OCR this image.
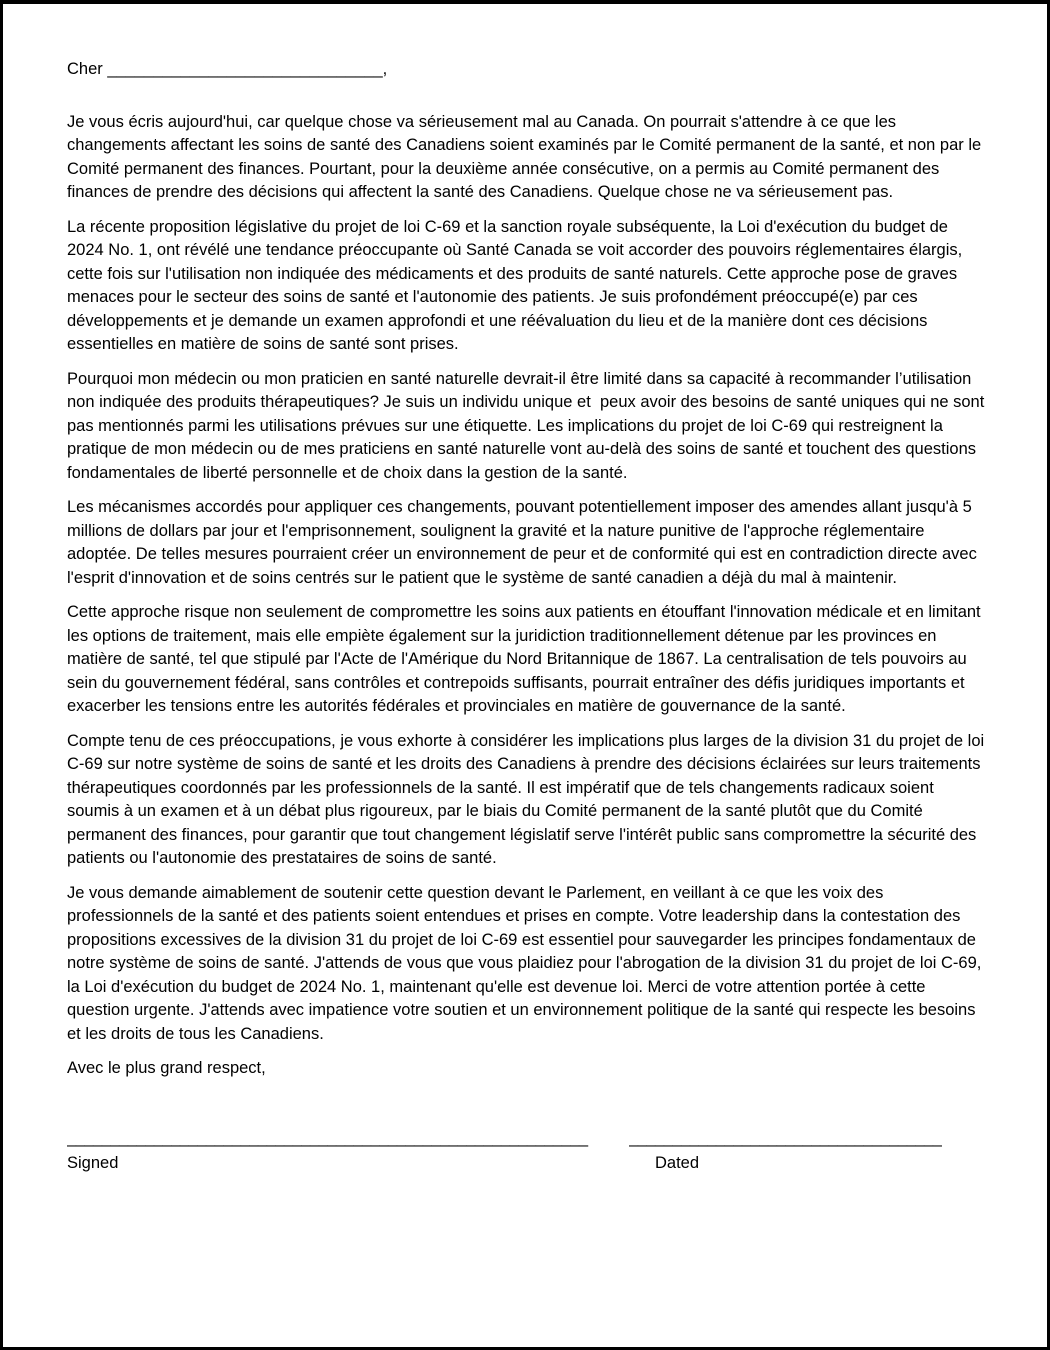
Cher ______________________________,

Je vous écris aujourd'hui, car quelque chose va sérieusement mal au Canada. On pourrait s'attendre à ce que les changements affectant les soins de santé des Canadiens soient examinés par le Comité permanent de la santé, et non par le Comité permanent des finances. Pourtant, pour la deuxième année consécutive, on a permis au Comité permanent des finances de prendre des décisions qui affectent la santé des Canadiens. Quelque chose ne va sérieusement pas.

La récente proposition législative du projet de loi C-69 et la sanction royale subséquente, la Loi d'exécution du budget de 2024 No. 1, ont révélé une tendance préoccupante où Santé Canada se voit accorder des pouvoirs réglementaires élargis, cette fois sur l'utilisation non indiquée des médicaments et des produits de santé naturels. Cette approche pose de graves menaces pour le secteur des soins de santé et l'autonomie des patients. Je suis profondément préoccupé(e) par ces développements et je demande un examen approfondi et une réévaluation du lieu et de la manière dont ces décisions essentielles en matière de soins de santé sont prises.

Pourquoi mon médecin ou mon praticien en santé naturelle devrait-il être limité dans sa capacité à recommander l’utilisation non indiquée des produits thérapeutiques? Je suis un individu unique et  peux avoir des besoins de santé uniques qui ne sont pas mentionnés parmi les utilisations prévues sur une étiquette. Les implications du projet de loi C-69 qui restreignent la pratique de mon médecin ou de mes praticiens en santé naturelle vont au-delà des soins de santé et touchent des questions fondamentales de liberté personnelle et de choix dans la gestion de la santé.

Les mécanismes accordés pour appliquer ces changements, pouvant potentiellement imposer des amendes allant jusqu'à 5 millions de dollars par jour et l'emprisonnement, soulignent la gravité et la nature punitive de l'approche réglementaire adoptée. De telles mesures pourraient créer un environnement de peur et de conformité qui est en contradiction directe avec l'esprit d'innovation et de soins centrés sur le patient que le système de santé canadien a déjà du mal à maintenir.

Cette approche risque non seulement de compromettre les soins aux patients en étouffant l'innovation médicale et en limitant les options de traitement, mais elle empiète également sur la juridiction traditionnellement détenue par les provinces en matière de santé, tel que stipulé par l'Acte de l'Amérique du Nord Britannique de 1867. La centralisation de tels pouvoirs au sein du gouvernement fédéral, sans contrôles et contrepoids suffisants, pourrait entraîner des défis juridiques importants et exacerber les tensions entre les autorités fédérales et provinciales en matière de gouvernance de la santé.

Compte tenu de ces préoccupations, je vous exhorte à considérer les implications plus larges de la division 31 du projet de loi C-69 sur notre système de soins de santé et les droits des Canadiens à prendre des décisions éclairées sur leurs traitements thérapeutiques coordonnés par les professionnels de la santé. Il est impératif que de tels changements radicaux soient soumis à un examen et à un débat plus rigoureux, par le biais du Comité permanent de la santé plutôt que du Comité permanent des finances, pour garantir que tout changement législatif serve l'intérêt public sans compromettre la sécurité des patients ou l'autonomie des prestataires de soins de santé.

Je vous demande aimablement de soutenir cette question devant le Parlement, en veillant à ce que les voix des professionnels de la santé et des patients soient entendues et prises en compte. Votre leadership dans la contestation des propositions excessives de la division 31 du projet de loi C-69 est essentiel pour sauvegarder les principes fondamentaux de notre système de soins de santé. J'attends de vous que vous plaidiez pour l'abrogation de la division 31 du projet de loi C-69, la Loi d'exécution du budget de 2024 No. 1, maintenant qu'elle est devenue loi. Merci de votre attention portée à cette question urgente. J'attends avec impatience votre soutien et un environnement politique de la santé qui respecte les besoins et les droits de tous les Canadiens.

Avec le plus grand respect,

____________________________________________________________
Signed
____________________________________
Dated
